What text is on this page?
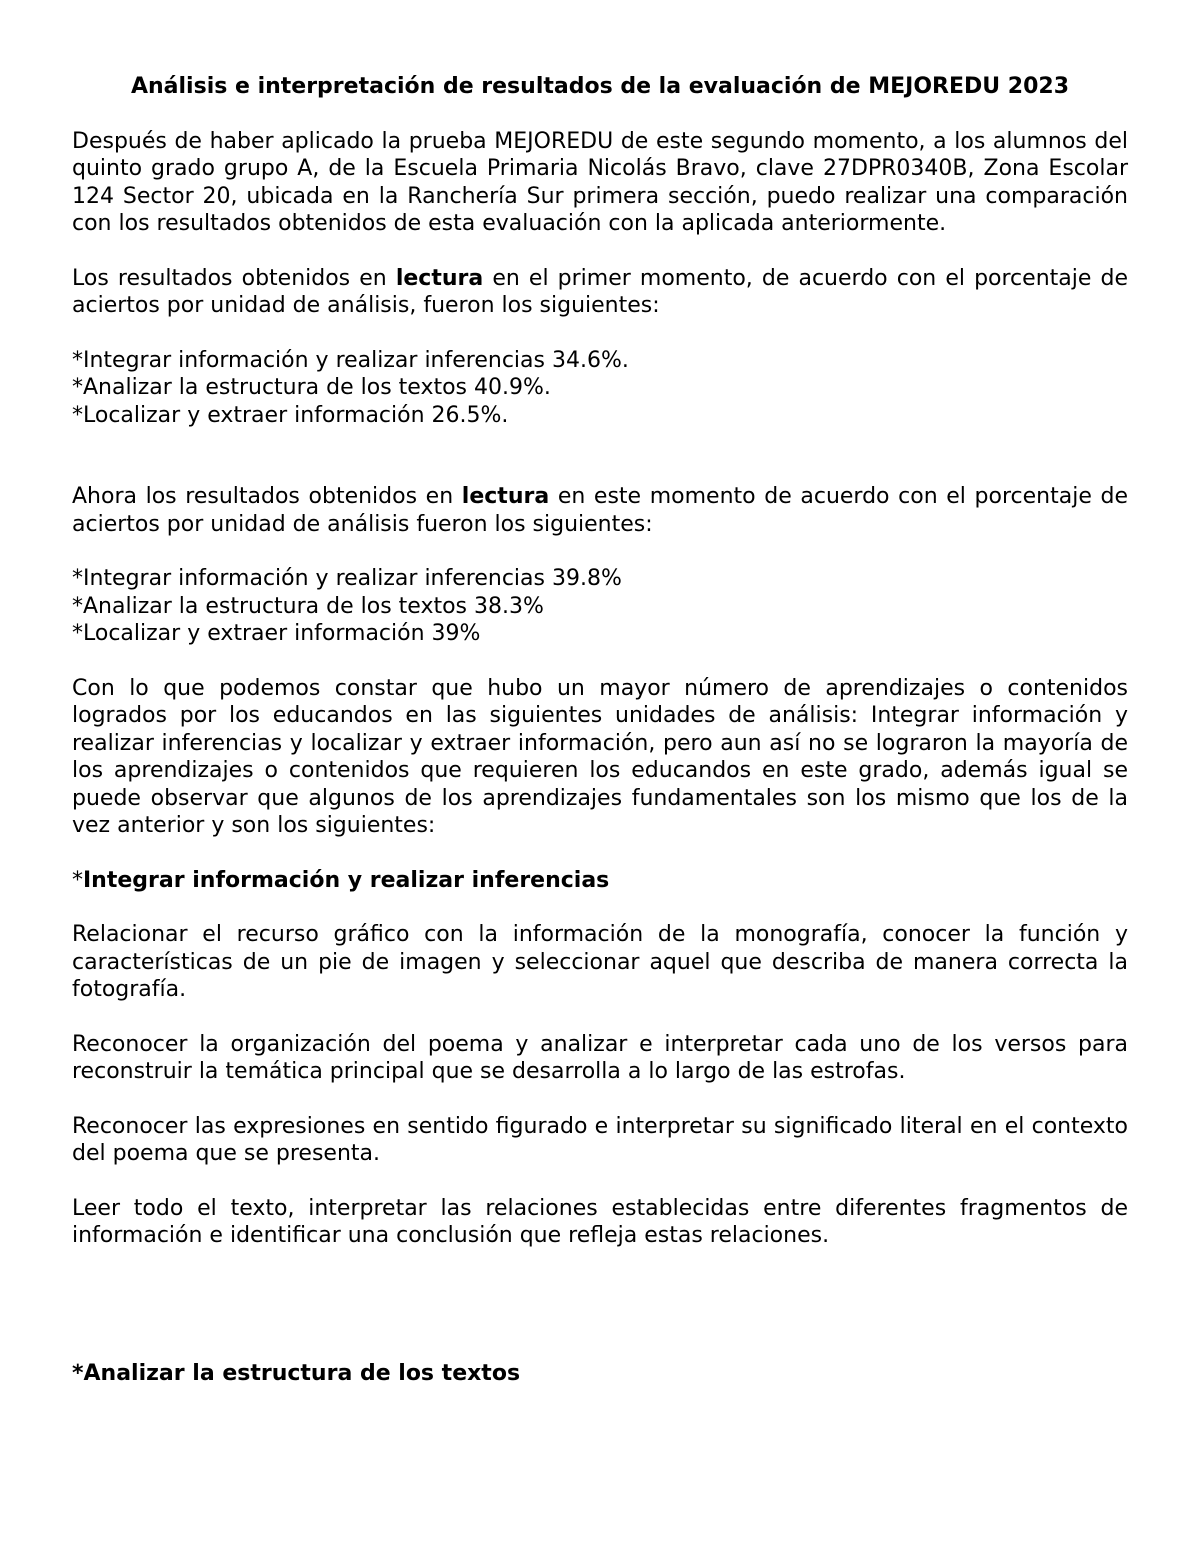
Análisis e interpretación de resultados de la evaluación de MEJOREDU 2023

Después de haber aplicado la prueba MEJOREDU de este segundo momento, a los alumnos del quinto grado grupo A, de la Escuela Primaria Nicolás Bravo, clave 27DPR0340B, Zona Escolar 124 Sector 20, ubicada en la Ranchería Sur primera sección, puedo realizar una comparación con los resultados obtenidos de esta evaluación con la aplicada anteriormente.

Los resultados obtenidos en lectura en el primer momento, de acuerdo con el porcentaje de aciertos por unidad de análisis, fueron los siguientes:

*Integrar información y realizar inferencias 34.6%.

*Analizar la estructura de los textos 40.9%.

*Localizar y extraer información 26.5%.

Ahora los resultados obtenidos en lectura en este momento de acuerdo con el porcentaje de aciertos por unidad de análisis fueron los siguientes:

*Integrar información y realizar inferencias 39.8%

*Analizar la estructura de los textos 38.3%

*Localizar y extraer información 39%

Con lo que podemos constar que hubo un mayor número de aprendizajes o contenidos logrados por los educandos en las siguientes unidades de análisis: Integrar información y realizar inferencias y localizar y extraer información, pero aun así no se lograron la mayoría de los aprendizajes o contenidos que requieren los educandos en este grado, además igual se puede observar que algunos de los aprendizajes fundamentales son los mismo que los de la vez anterior y son los siguientes:

*Integrar información y realizar inferencias

Relacionar el recurso gráfico con la información de la monografía, conocer la función y características de un pie de imagen y seleccionar aquel que describa de manera correcta la fotografía.

Reconocer la organización del poema y analizar e interpretar cada uno de los versos para reconstruir la temática principal que se desarrolla a lo largo de las estrofas.

Reconocer las expresiones en sentido figurado e interpretar su significado literal en el contexto del poema que se presenta.

Leer todo el texto, interpretar las relaciones establecidas entre diferentes fragmentos de información e identificar una conclusión que refleja estas relaciones.

*Analizar la estructura de los textos
